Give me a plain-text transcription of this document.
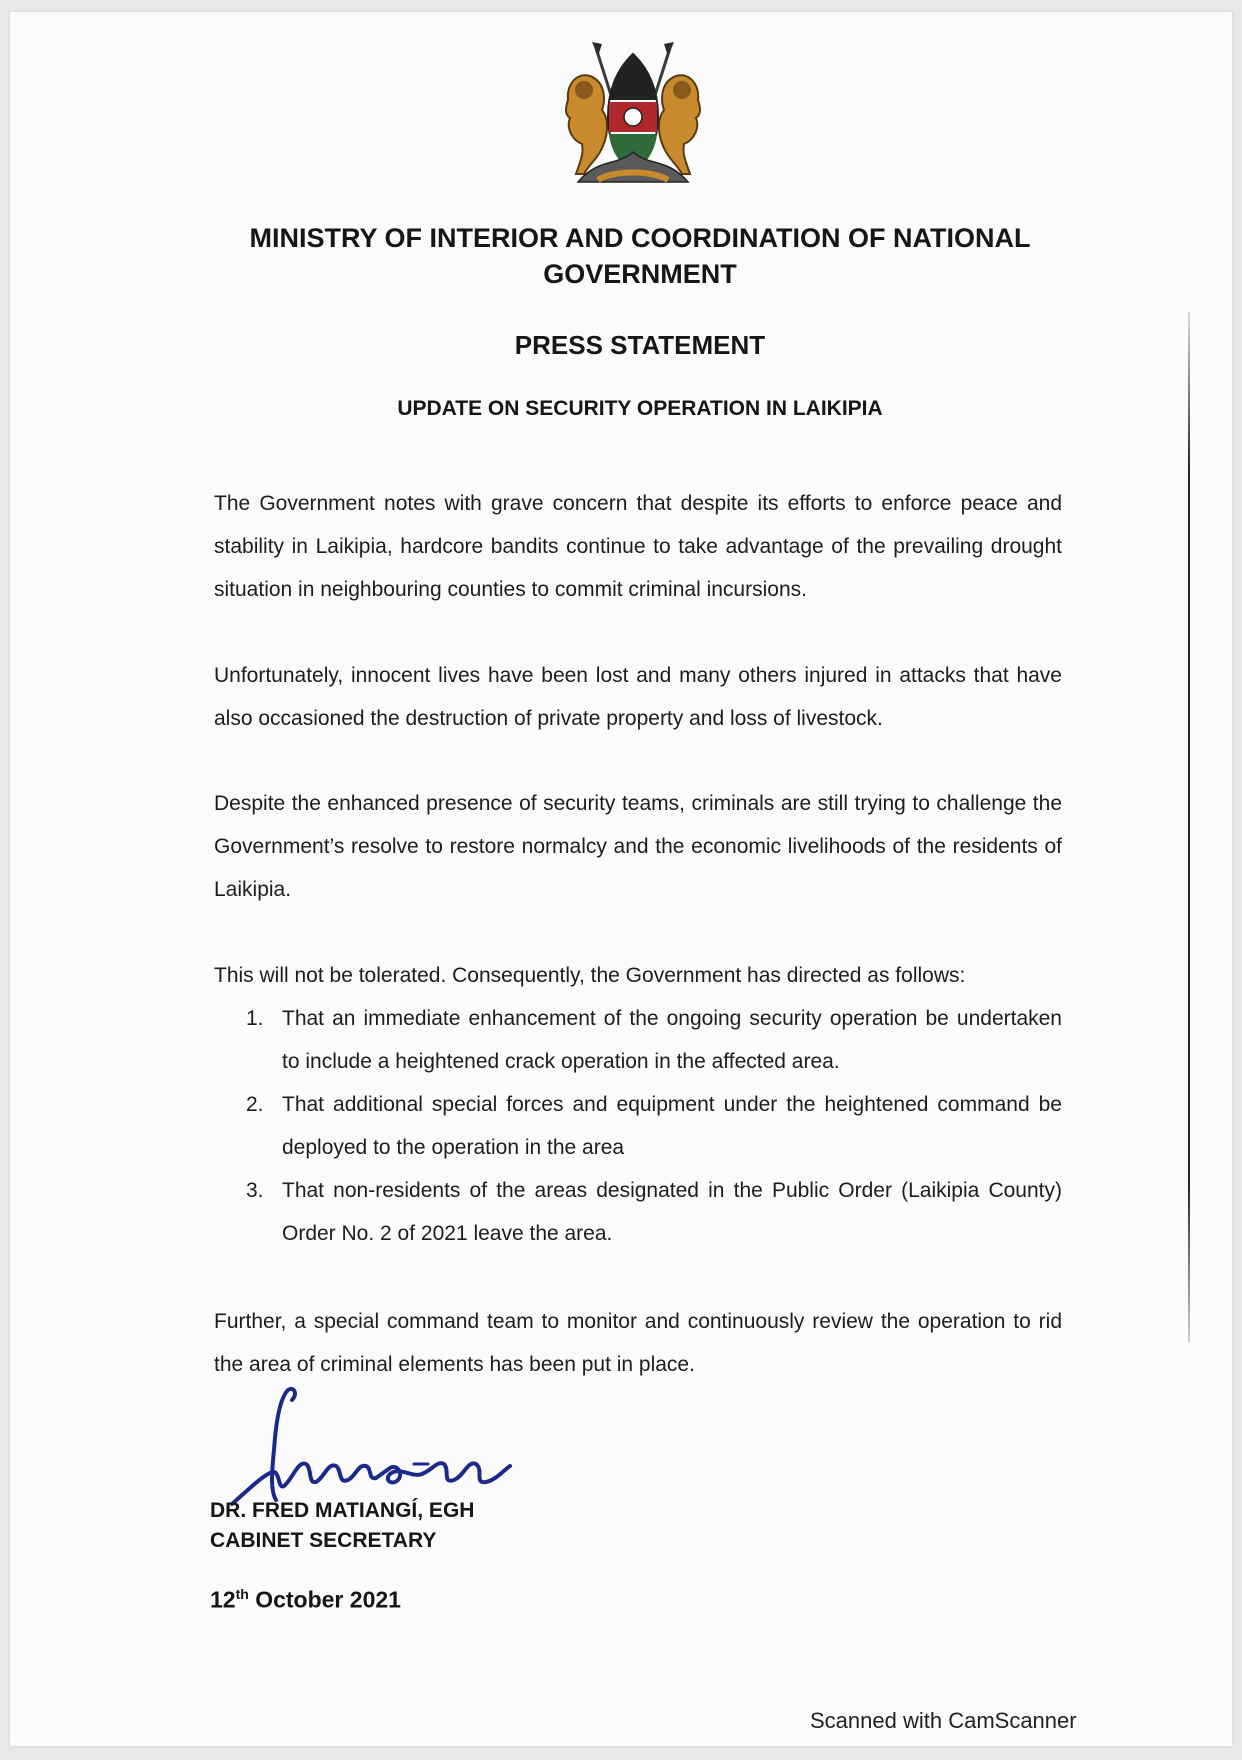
MINISTRY OF INTERIOR AND COORDINATION OF NATIONAL GOVERNMENT
PRESS STATEMENT
UPDATE ON SECURITY OPERATION IN LAIKIPIA

The Government notes with grave concern that despite its efforts to enforce peace and stability in Laikipia, hardcore bandits continue to take advantage of the prevailing drought situation in neighbouring counties to commit criminal incursions.

Unfortunately, innocent lives have been lost and many others injured in attacks that have also occasioned the destruction of private property and loss of livestock.

Despite the enhanced presence of security teams, criminals are still trying to challenge the Government’s resolve to restore normalcy and the economic livelihoods of the residents of Laikipia.

This will not be tolerated. Consequently, the Government has directed as follows:

1. That an immediate enhancement of the ongoing security operation be undertaken to include a heightened crack operation in the affected area.
2. That additional special forces and equipment under the heightened command be deployed to the operation in the area
3. That non-residents of the areas designated in the Public Order (Laikipia County) Order No. 2 of 2021 leave the area.

Further, a special command team to monitor and continuously review the operation to rid the area of criminal elements has been put in place.

DR. FRED MATIANGÍ, EGH
CABINET SECRETARY
12th October 2021
Scanned with CamScanner
